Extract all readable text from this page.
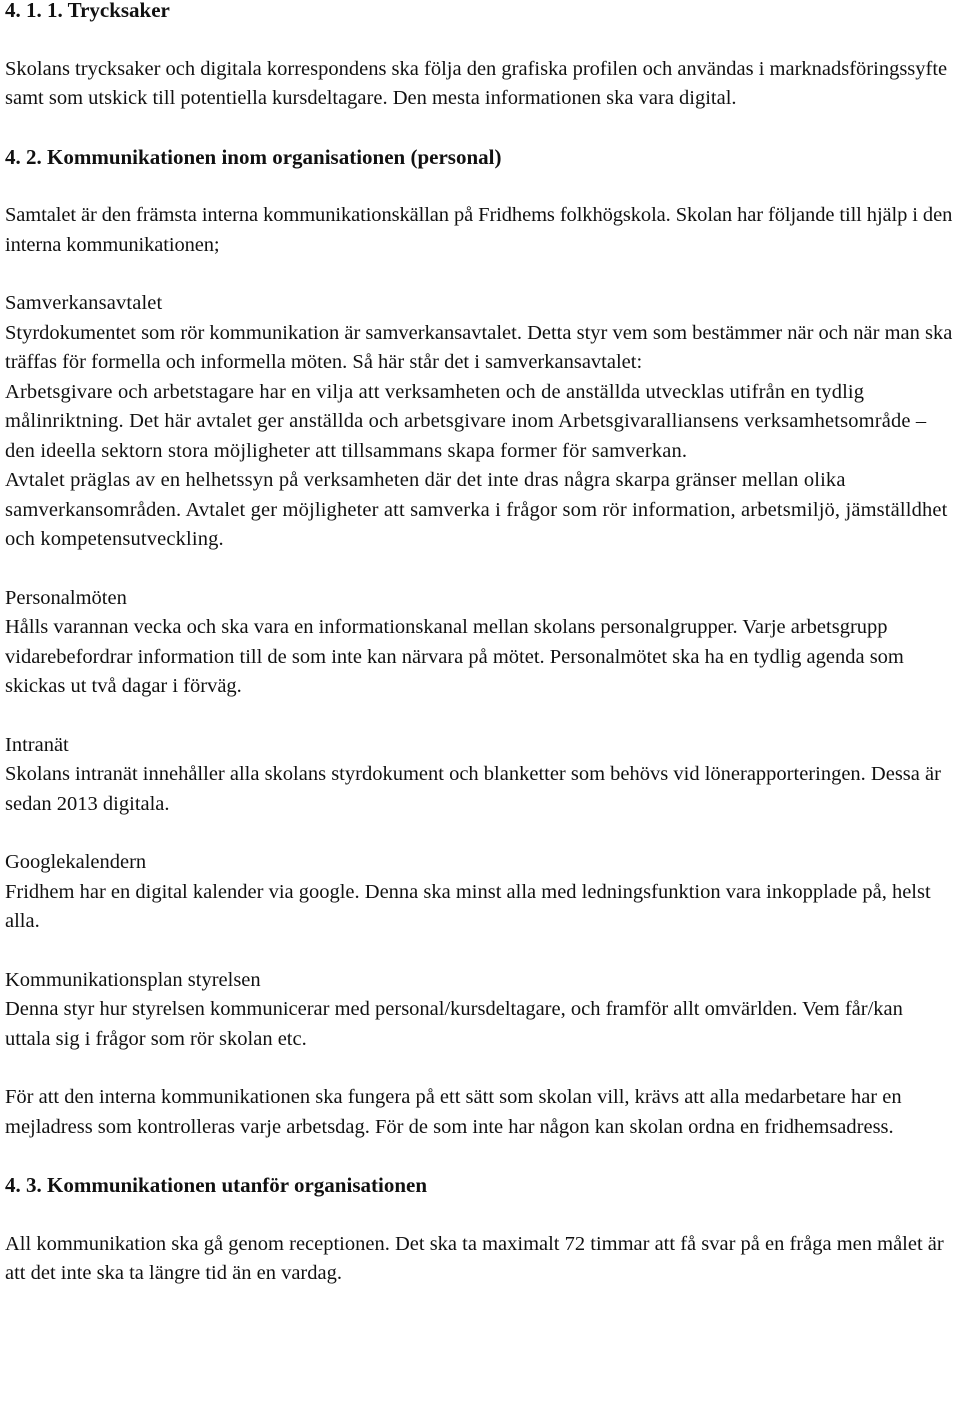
4. 1. 1. Trycksaker

Skolans trycksaker och digitala korrespondens ska följa den grafiska profilen och användas i marknadsföringssyfte samt som utskick till potentiella kursdeltagare. Den mesta informationen ska vara digital.

4. 2. Kommunikationen inom organisationen (personal)

Samtalet är den främsta interna kommunikationskällan på Fridhems folkhögskola. Skolan har följande till hjälp i den interna kommunikationen;

Samverkansavtalet

Styrdokumentet som rör kommunikation är samverkansavtalet. Detta styr vem som bestämmer när och när man ska träffas för formella och informella möten. Så här står det i samverkansavtalet:

Arbetsgivare och arbetstagare har en vilja att verksamheten och de anställda utvecklas utifrån en tydlig målinriktning. Det här avtalet ger anställda och arbetsgivare inom Arbetsgivaralliansens verksamhetsområde –den ideella sektorn stora möjligheter att tillsammans skapa former för samverkan.

Avtalet präglas av en helhetssyn på verksamheten där det inte dras några skarpa gränser mellan olika samverkansområden. Avtalet ger möjligheter att samverka i frågor som rör information, arbetsmiljö, jämställdhet och kompetensutveckling.

Personalmöten

Hålls varannan vecka och ska vara en informationskanal mellan skolans personalgrupper. Varje arbetsgrupp vidarebefordrar information till de som inte kan närvara på mötet. Personalmötet ska ha en tydlig agenda som skickas ut två dagar i förväg.

Intranät

Skolans intranät innehåller alla skolans styrdokument och blanketter som behövs vid lönerapporteringen. Dessa är sedan 2013 digitala.

Googlekalendern

Fridhem har en digital kalender via google. Denna ska minst alla med ledningsfunktion vara inkopplade på, helst alla.

Kommunikationsplan styrelsen

Denna styr hur styrelsen kommunicerar med personal/kursdeltagare, och framför allt omvärlden. Vem får/kan uttala sig i frågor som rör skolan etc.

För att den interna kommunikationen ska fungera på ett sätt som skolan vill, krävs att alla medarbetare har en mejladress som kontrolleras varje arbetsdag. För de som inte har någon kan skolan ordna en fridhemsadress.

4. 3. Kommunikationen utanför organisationen

All kommunikation ska gå genom receptionen. Det ska ta maximalt 72 timmar att få svar på en fråga men målet är att det inte ska ta längre tid än en vardag.
